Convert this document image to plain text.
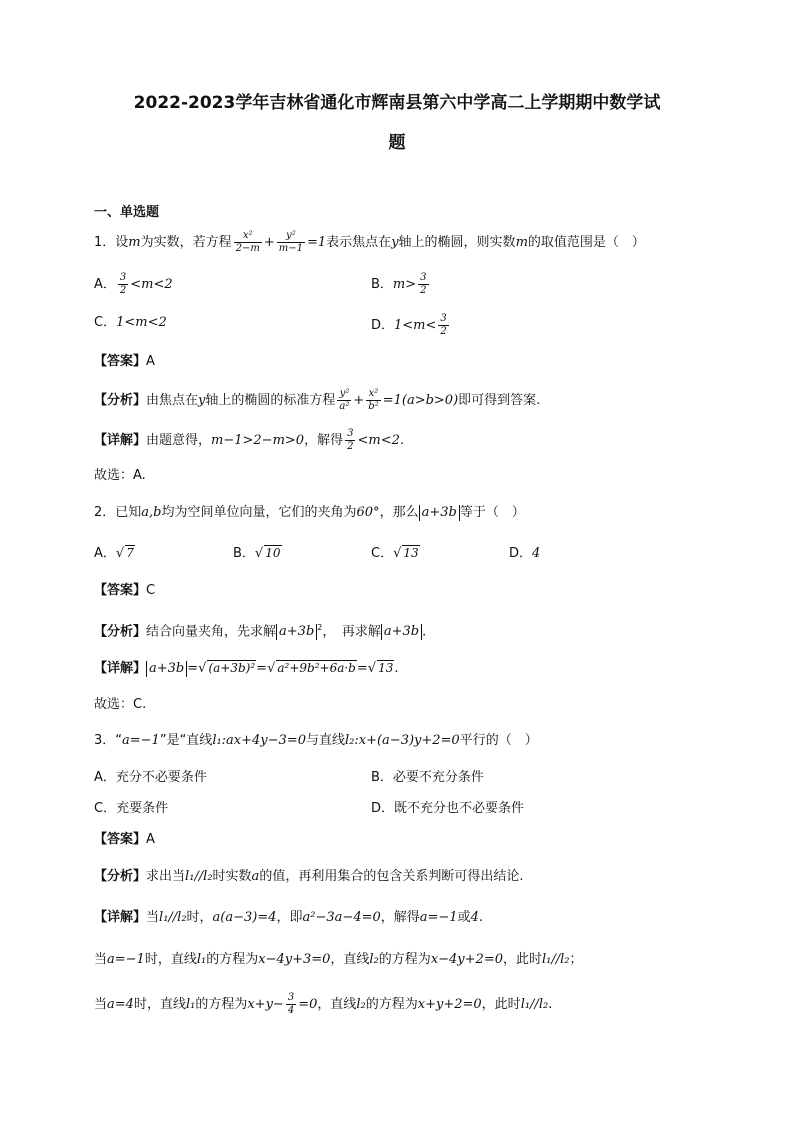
2022-2023学年吉林省通化市辉南县第六中学高二上学期期中数学试
题
一、单选题
1．设m为实数，若方程 $\frac{\text{x²}}{2-m} + \frac{\text{y²}}{m-1} =1$表示焦点在y轴上的椭圆，则实数m的取值范围是（　）
A． $\frac{3}{2} <m<2$	B．$m> \frac{3}{2}$
C．1<m<2	D．$1<m< \frac{3}{2}$
【答案】A
【分析】由焦点在y轴上的椭圆的标准方程 $\frac{\text{y²}}{\text{a²}} + \frac{\text{x²}}{\text{b²}} =1(a>b>0)$即可得到答案.
【详解】由题意得，m−1>2−m>0，解得 $\frac{3}{2} <m<2$.
故选：A.
2．已知a,b均为空间单位向量，它们的夹角为60°，那么 a+3b 等于（　）
A．√ 7	B．√ 10	C．√ 13	D．4
【答案】C
【分析】结合向量夹角，先求解 a+3b $^2$，　再求解 a+3b .
【详解】 a+3b =√ (a+3b)²=√ a²+9b²+6a·b=√ 13.
故选：C.
3．“a=−1”是“直线l₁:ax+4y−3=0与直线l₂:x+(a−3)y+2=0平行的（　）
A．充分不必要条件	B．必要不充分条件
C．充要条件	D．既不充分也不必要条件
【答案】A
【分析】求出当l₁//l₂时实数a的值，再利用集合的包含关系判断可得出结论.
【详解】当l₁//l₂时，a(a−3)=4，即a²−3a−4=0，解得a=−1或4.
当a=−1时，直线l₁的方程为x−4y+3=0，直线l₂的方程为x−4y+2=0，此时l₁//l₂；
当a=4时，直线l₁的方程为$x+y- \frac{3}{4} =0$，直线l₂的方程为x+y+2=0，此时l₁//l₂.
